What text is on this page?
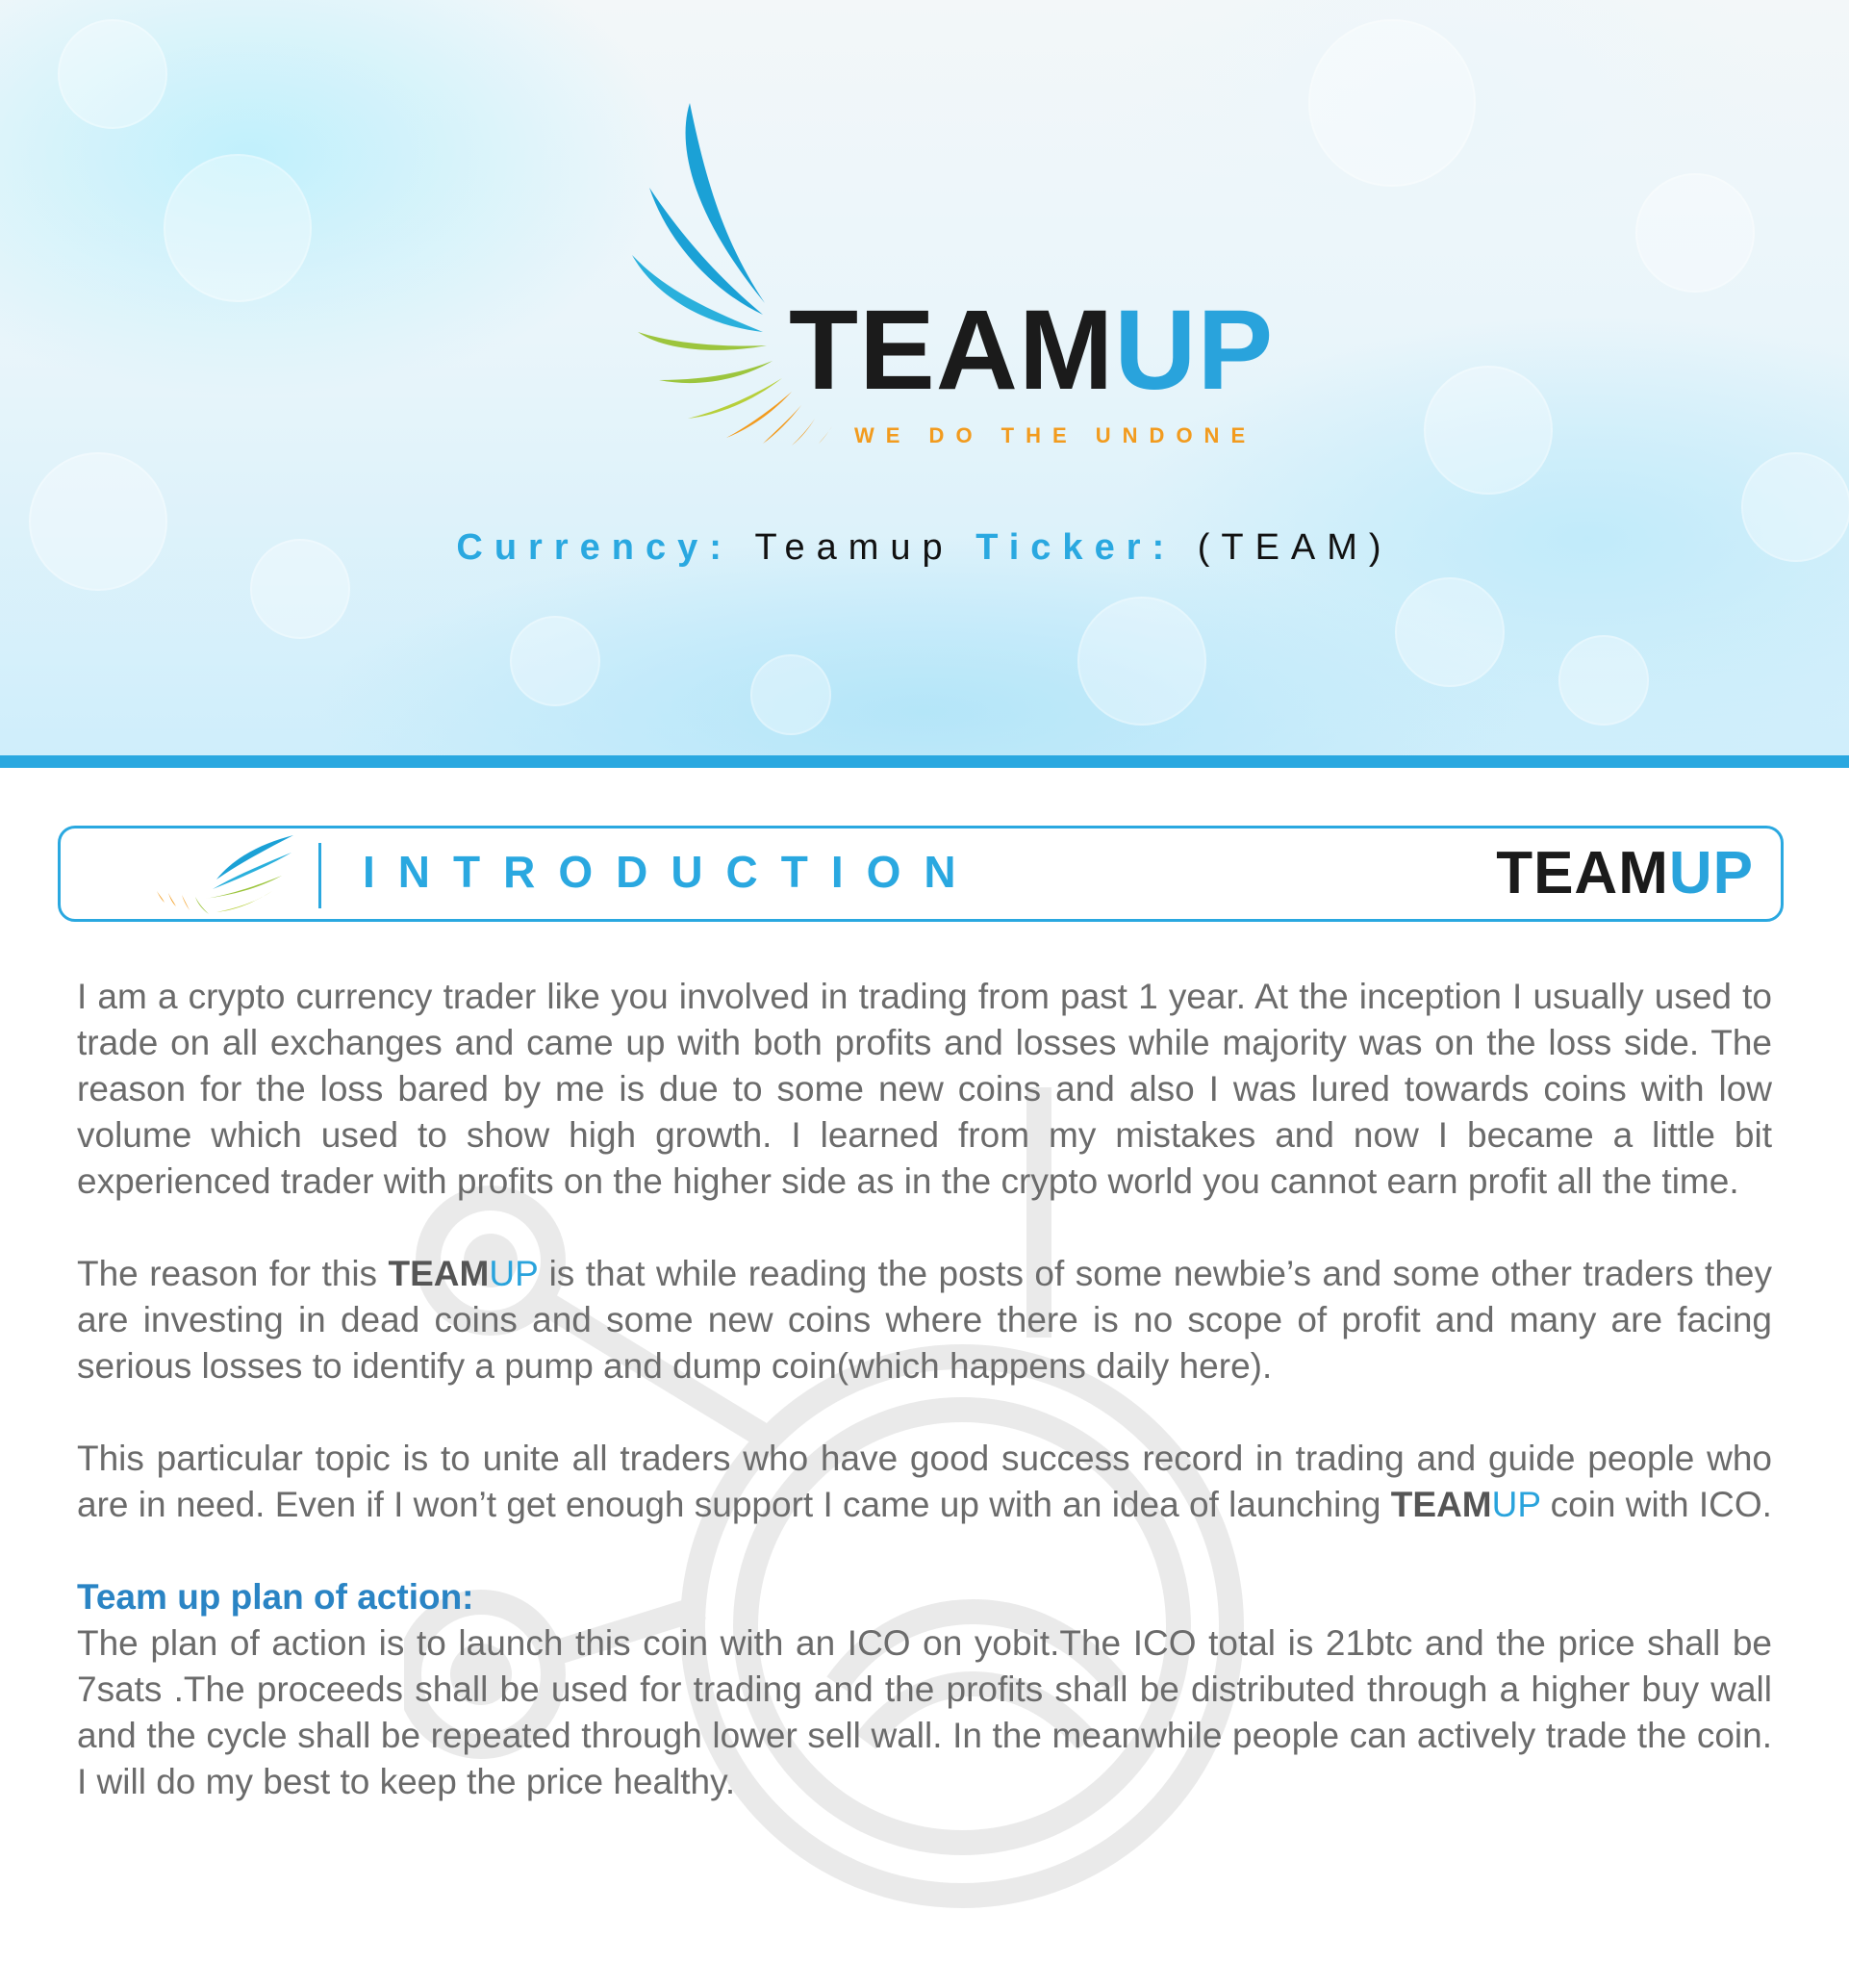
TEAMUP
WE DO THE UNDONE
Currency: Teamup Ticker: (TEAM)
INTRODUCTION	TEAMUP

I am a crypto currency trader like you involved in trading from past 1 year. At the inception I usually used to trade on all exchanges and came up with both profits and losses while majority was on the loss side. The reason for the loss bared by me is due to some new coins and also I was lured towards coins with low volume which used to show high growth. I learned from my mistakes and now I became a little bit experienced trader with profits on the higher side as in the crypto world you cannot earn profit all the time.

The reason for this TEAMUP is that while reading the posts of some newbie’s and some other traders they are investing in dead coins and some new coins where there is no scope of profit and many are facing serious losses to identify a pump and dump coin(which happens daily here).

This particular topic is to unite all traders who have good success record in trading and guide people who are in need. Even if I won’t get enough support I came up with an idea of launching TEAMUP coin with ICO.

Team up plan of action:

The plan of action is to launch this coin with an ICO on yobit.The ICO total is 21btc and the price shall be 7sats .The proceeds shall be used for trading and the profits shall be distributed through a higher buy wall and the cycle shall be repeated through lower sell wall. In the meanwhile people can actively trade the coin. I will do my best to keep the price healthy.
